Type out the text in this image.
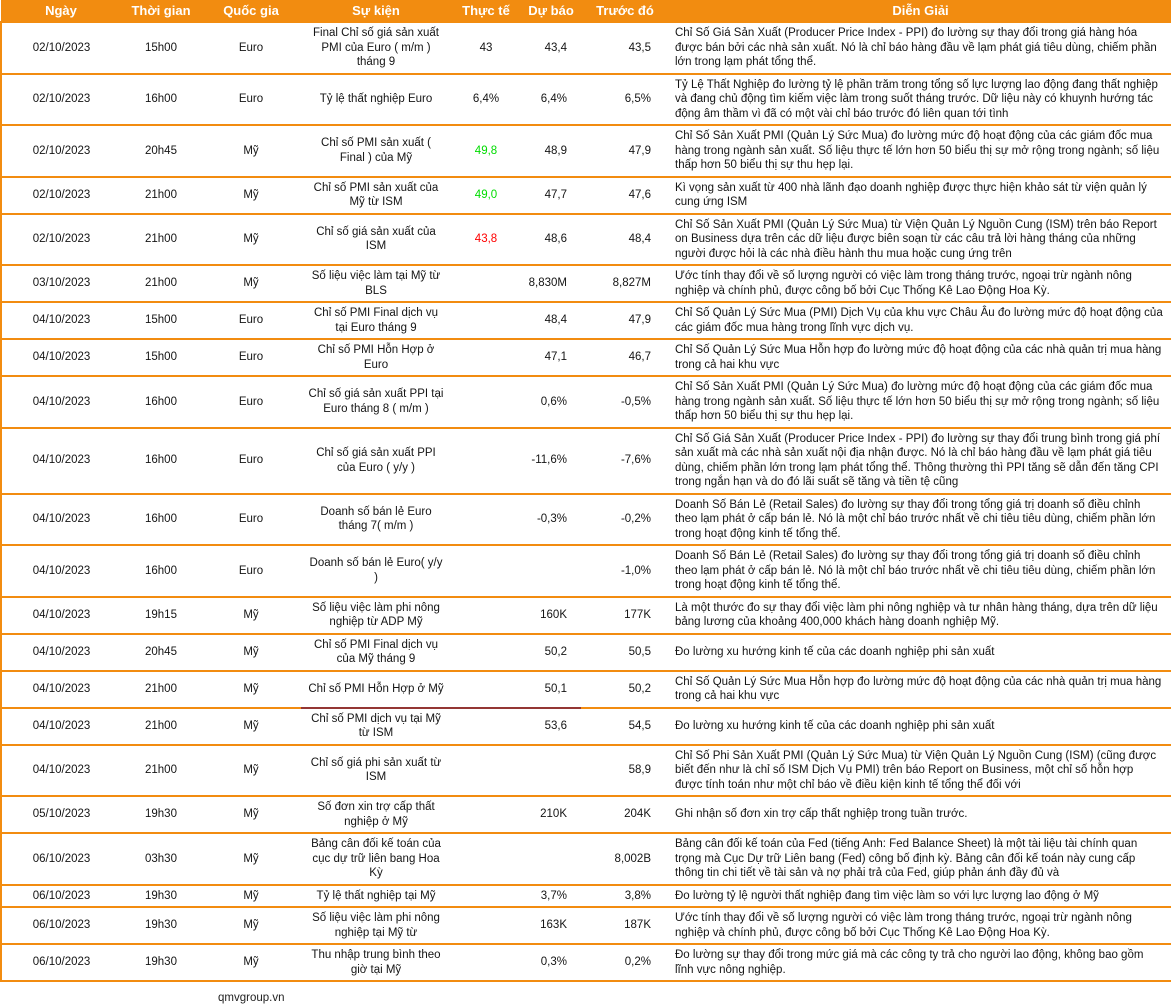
Ngày	Thời gian	Quốc gia	Sự kiện	Thực tế	Dự báo	Trước đó	Diễn Giải
02/10/2023	15h00	Euro	Final Chỉ số giá sản xuất PMI của Euro ( m/m ) tháng 9	43	43,4	43,5	Chỉ Số Giá Sản Xuất (Producer Price Index - PPI) đo lường sự thay đổi trong giá hàng hóa được bán bởi các nhà sản xuất. Nó là chỉ báo hàng đầu về lạm phát giá tiêu dùng, chiếm phần lớn trong lạm phát tổng thể.
02/10/2023	16h00	Euro	Tỷ lệ thất nghiệp Euro	6,4%	6,4%	6,5%	Tỷ Lệ Thất Nghiệp đo lường tỷ lệ phần trăm trong tổng số lực lượng lao động đang thất nghiệp và đang chủ động tìm kiếm việc làm trong suốt tháng trước. Dữ liệu này có khuynh hướng tác động âm thầm vì đã có một vài chỉ báo trước đó liên quan tới tình
02/10/2023	20h45	Mỹ	Chỉ số PMI sản xuất ( Final ) của Mỹ	49,8	48,9	47,9	Chỉ Số Sản Xuất PMI (Quản Lý Sức Mua) đo lường mức độ hoạt động của các giám đốc mua hàng trong ngành sản xuất. Số liệu thực tế lớn hơn 50 biểu thị sự mở rộng trong ngành; số liệu thấp hơn 50 biểu thị sự thu hẹp lại.
02/10/2023	21h00	Mỹ	Chỉ số PMI sản xuất của Mỹ từ ISM	49,0	47,7	47,6	Kì vọng sản xuất từ 400 nhà lãnh đạo doanh nghiệp được thực hiện khảo sát từ viện quản lý cung ứng ISM
02/10/2023	21h00	Mỹ	Chỉ số giá sản xuất của ISM	43,8	48,6	48,4	Chỉ Số Sản Xuất PMI (Quản Lý Sức Mua) từ Viện Quản Lý Nguồn Cung (ISM) trên báo Report on Business dựa trên các dữ liệu được biên soạn từ các câu trả lời hàng tháng của những người được hỏi là các nhà điều hành thu mua hoặc cung ứng trên
03/10/2023	21h00	Mỹ	Số liệu việc làm tại Mỹ từ BLS		8,830M	8,827M	Ước tính thay đổi về số lượng người có việc làm trong tháng trước, ngoại trừ ngành nông nghiệp và chính phủ, được công bố bởi Cục Thống Kê Lao Động Hoa Kỳ.
04/10/2023	15h00	Euro	Chỉ số PMI Final dịch vụ tại Euro tháng 9		48,4	47,9	Chỉ Số Quản Lý Sức Mua (PMI) Dịch Vụ của khu vực Châu Âu đo lường mức độ hoạt động của các giám đốc mua hàng trong lĩnh vực dịch vụ.
04/10/2023	15h00	Euro	Chỉ số PMI Hỗn Hợp ở Euro		47,1	46,7	Chỉ Số Quản Lý Sức Mua Hỗn hợp đo lường mức độ hoạt động của các nhà quản trị mua hàng trong cả hai khu vực
04/10/2023	16h00	Euro	Chỉ số giá sản xuất PPI tại Euro tháng 8 ( m/m )		0,6%	-0,5%	Chỉ Số Sản Xuất PMI (Quản Lý Sức Mua) đo lường mức độ hoạt động của các giám đốc mua hàng trong ngành sản xuất. Số liệu thực tế lớn hơn 50 biểu thị sự mở rộng trong ngành; số liệu thấp hơn 50 biểu thị sự thu hẹp lại.
04/10/2023	16h00	Euro	Chỉ số giá sản xuất PPI của Euro ( y/y )		-11,6%	-7,6%	Chỉ Số Giá Sản Xuất (Producer Price Index - PPI) đo lường sự thay đổi trung bình trong giá phí sản xuất mà các nhà sản xuất nội địa nhận được. Nó là chỉ báo hàng đầu về lạm phát giá tiêu dùng, chiếm phần lớn trong lạm phát tổng thể. Thông thường thì PPI tăng sẽ dẫn đến tăng CPI trong ngắn hạn và do đó lãi suất sẽ tăng và tiền tệ cũng
04/10/2023	16h00	Euro	Doanh số bán lẻ Euro tháng 7( m/m )		-0,3%	-0,2%	Doanh Số Bán Lẻ (Retail Sales) đo lường sự thay đổi trong tổng giá trị doanh số điều chỉnh theo lạm phát ở cấp bán lẻ. Nó là một chỉ báo trước nhất về chi tiêu tiêu dùng, chiếm phần lớn trong hoạt động kinh tế tổng thể.
04/10/2023	16h00	Euro	Doanh số bán lẻ Euro( y/y )			-1,0%	Doanh Số Bán Lẻ (Retail Sales) đo lường sự thay đổi trong tổng giá trị doanh số điều chỉnh theo lạm phát ở cấp bán lẻ. Nó là một chỉ báo trước nhất về chi tiêu tiêu dùng, chiếm phần lớn trong hoạt động kinh tế tổng thể.
04/10/2023	19h15	Mỹ	Số liệu việc làm phi nông nghiệp từ ADP Mỹ		160K	177K	Là một thước đo sự thay đổi việc làm phi nông nghiệp và tư nhân hàng tháng, dựa trên dữ liệu bảng lương của khoảng 400,000 khách hàng doanh nghiệp Mỹ.
04/10/2023	20h45	Mỹ	Chỉ số PMI Final dịch vụ của Mỹ tháng 9		50,2	50,5	Đo lường xu hướng kinh tế của các doanh nghiệp phi sản xuất
04/10/2023	21h00	Mỹ	Chỉ số PMI Hỗn Hợp ở Mỹ		50,1	50,2	Chỉ Số Quản Lý Sức Mua Hỗn hợp đo lường mức độ hoạt động của các nhà quản trị mua hàng trong cả hai khu vực
04/10/2023	21h00	Mỹ	Chỉ số PMI dịch vụ tại Mỹ từ ISM		53,6	54,5	Đo lường xu hướng kinh tế của các doanh nghiệp phi sản xuất
04/10/2023	21h00	Mỹ	Chỉ số giá phi sản xuất từ ISM			58,9	Chỉ Số Phi Sản Xuất PMI (Quản Lý Sức Mua) từ Viện Quản Lý Nguồn Cung (ISM) (cũng được biết đến như là chỉ số ISM Dịch Vụ PMI) trên báo Report on Business, một chỉ số hỗn hợp được tính toán như một chỉ báo về điều kiện kinh tế tổng thể đối với
05/10/2023	19h30	Mỹ	Số đơn xin trợ cấp thất nghiệp ở Mỹ		210K	204K	Ghi nhận số đơn xin trợ cấp thất nghiệp trong tuần trước.
06/10/2023	03h30	Mỹ	Bảng cân đối kế toán của cục dự trữ liên bang Hoa Kỳ			8,002B	Bảng cân đối kế toán của Fed (tiếng Anh: Fed Balance Sheet) là một tài liệu tài chính quan trọng mà Cục Dự trữ Liên bang (Fed) công bố định kỳ. Bảng cân đối kế toán này cung cấp thông tin chi tiết về tài sản và nợ phải trả của Fed, giúp phản ánh đầy đủ và
06/10/2023	19h30	Mỹ	Tỷ lệ thất nghiệp tại Mỹ		3,7%	3,8%	Đo lường tỷ lệ người thất nghiệp đang tìm việc làm so với lực lượng lao động ở Mỹ
06/10/2023	19h30	Mỹ	Số liệu việc làm phi nông nghiệp tại Mỹ từ		163K	187K	Ước tính thay đổi về số lượng người có việc làm trong tháng trước, ngoại trừ ngành nông nghiệp và chính phủ, được công bố bởi Cục Thống Kê Lao Động Hoa Kỳ.
06/10/2023	19h30	Mỹ	Thu nhập trung bình theo giờ tại Mỹ		0,3%	0,2%	Đo lường sự thay đổi trong mức giá mà các công ty trả cho người lao động, không bao gồm lĩnh vực nông nghiệp.
qmvgroup.vn
